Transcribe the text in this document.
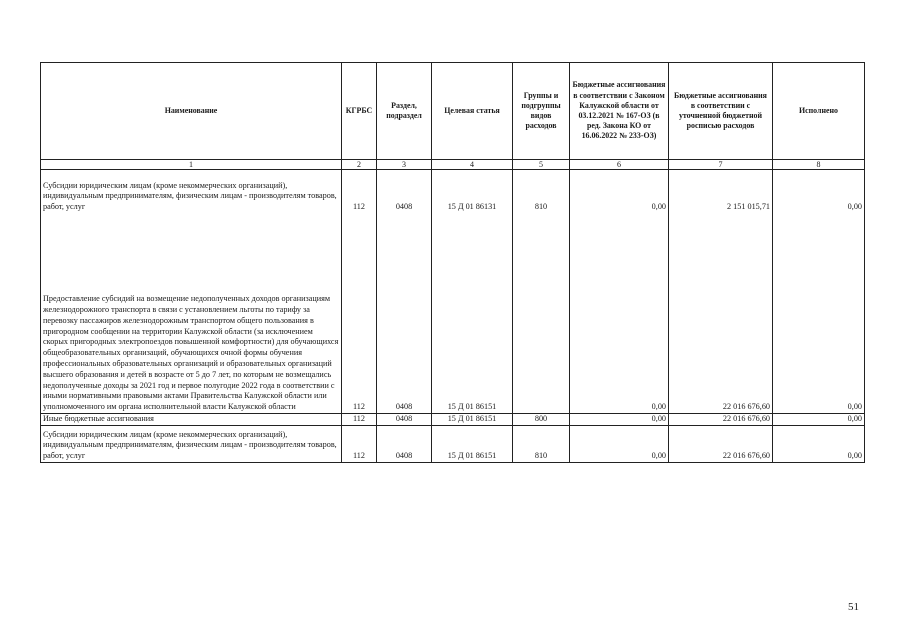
Наименование	КГРБС	Раздел, подраздел	Целевая статья	Группы и подгруппы видов расходов	Бюджетные ассигнования в соответствии с Законом Калужской области от 03.12.2021 № 167-ОЗ (в ред. Закона КО от 16.06.2022 № 233-ОЗ)	Бюджетные ассигнования в соответствии с уточненной бюджетной росписью расходов	Исполнено
1	2	3	4	5	6	7	8
Субсидии юридическим лицам (кроме некоммерческих организаций), индивидуальным предпринимателям, физическим лицам - производителям товаров, работ, услуг	112	0408	15 Д 01 86131	810	0,00	2 151 015,71	0,00
Предоставление субсидий на возмещение недополученных доходов организациям железнодорожного транспорта в связи с установлением льготы по тарифу за перевозку пассажиров железнодорожным транспортом общего пользования в пригородном сообщении на территории Калужской области (за исключением скорых пригородных электропоездов повышенной комфортности) для обучающихся общеобразовательных организаций, обучающихся очной формы обучения профессиональных образовательных организаций и образовательных организаций высшего образования и детей в возрасте от 5 до 7 лет, по которым не возмещались недополученные доходы за 2021 год и первое полугодие 2022 года в соответствии с иными нормативными правовыми актами Правительства Калужской области или уполномоченного им органа исполнительной власти Калужской области	112	0408	15 Д 01 86151		0,00	22 016 676,60	0,00
Иные бюджетные ассигнования	112	0408	15 Д 01 86151	800	0,00	22 016 676,60	0,00
Субсидии юридическим лицам (кроме некоммерческих организаций), индивидуальным предпринимателям, физическим лицам - производителям товаров, работ, услуг	112	0408	15 Д 01 86151	810	0,00	22 016 676,60	0,00
51
